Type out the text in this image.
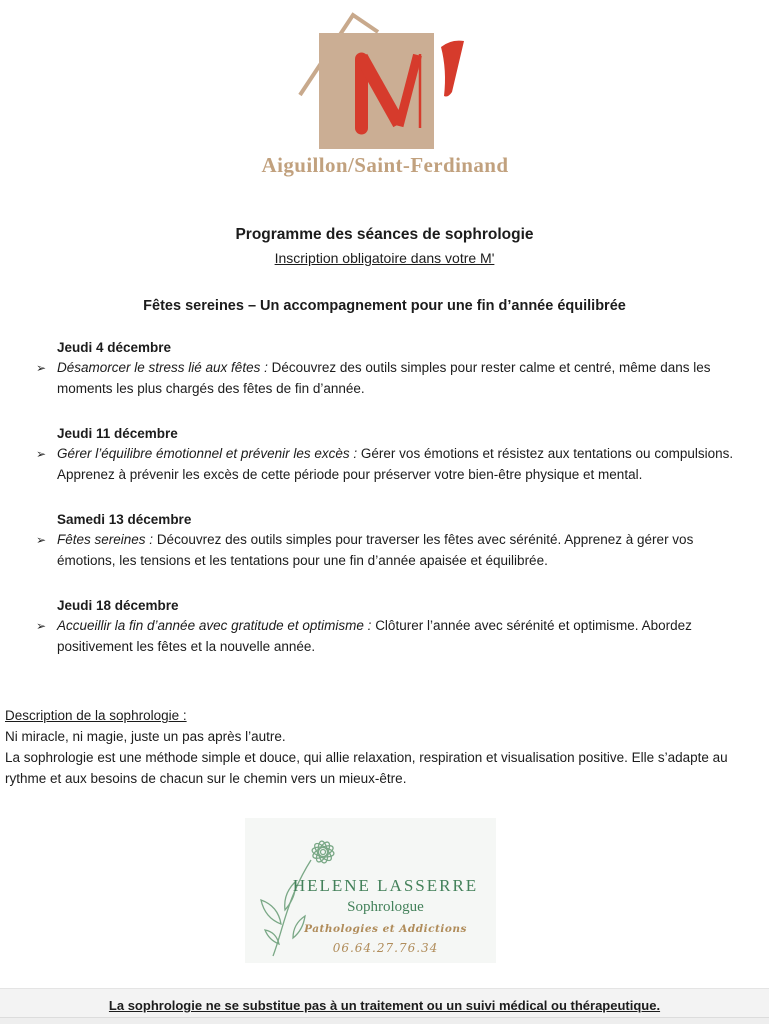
Aiguillon/Saint-Ferdinand
Programme des séances de sophrologie
Inscription obligatoire dans votre M'
Fêtes sereines – Un accompagnement pour une fin d’année équilibrée
Jeudi 4 décembre
➢ Désamorcer le stress lié aux fêtes : Découvrez des outils simples pour rester calme et centré, même dans les moments les plus chargés des fêtes de fin d’année.
Jeudi 11 décembre
➢ Gérer l’équilibre émotionnel et prévenir les excès : Gérer vos émotions et résistez aux tentations ou compulsions. Apprenez à prévenir les excès de cette période pour préserver votre bien-être physique et mental.
Samedi 13 décembre
➢ Fêtes sereines : Découvrez des outils simples pour traverser les fêtes avec sérénité. Apprenez à gérer vos émotions, les tensions et les tentations pour une fin d’année apaisée et équilibrée.
Jeudi 18 décembre
➢ Accueillir la fin d’année avec gratitude et optimisme : Clôturer l’année avec sérénité et optimisme. Abordez positivement les fêtes et la nouvelle année.
Description de la sophrologie :
Ni miracle, ni magie, juste un pas après l’autre.
La sophrologie est une méthode simple et douce, qui allie relaxation, respiration et visualisation positive. Elle s’adapte au rythme et aux besoins de chacun sur le chemin vers un mieux-être.
HELENE LASSERRE
Sophrologue
Pathologies et Addictions
06.64.27.76.34
La sophrologie ne se substitue pas à un traitement ou un suivi médical ou thérapeutique.
